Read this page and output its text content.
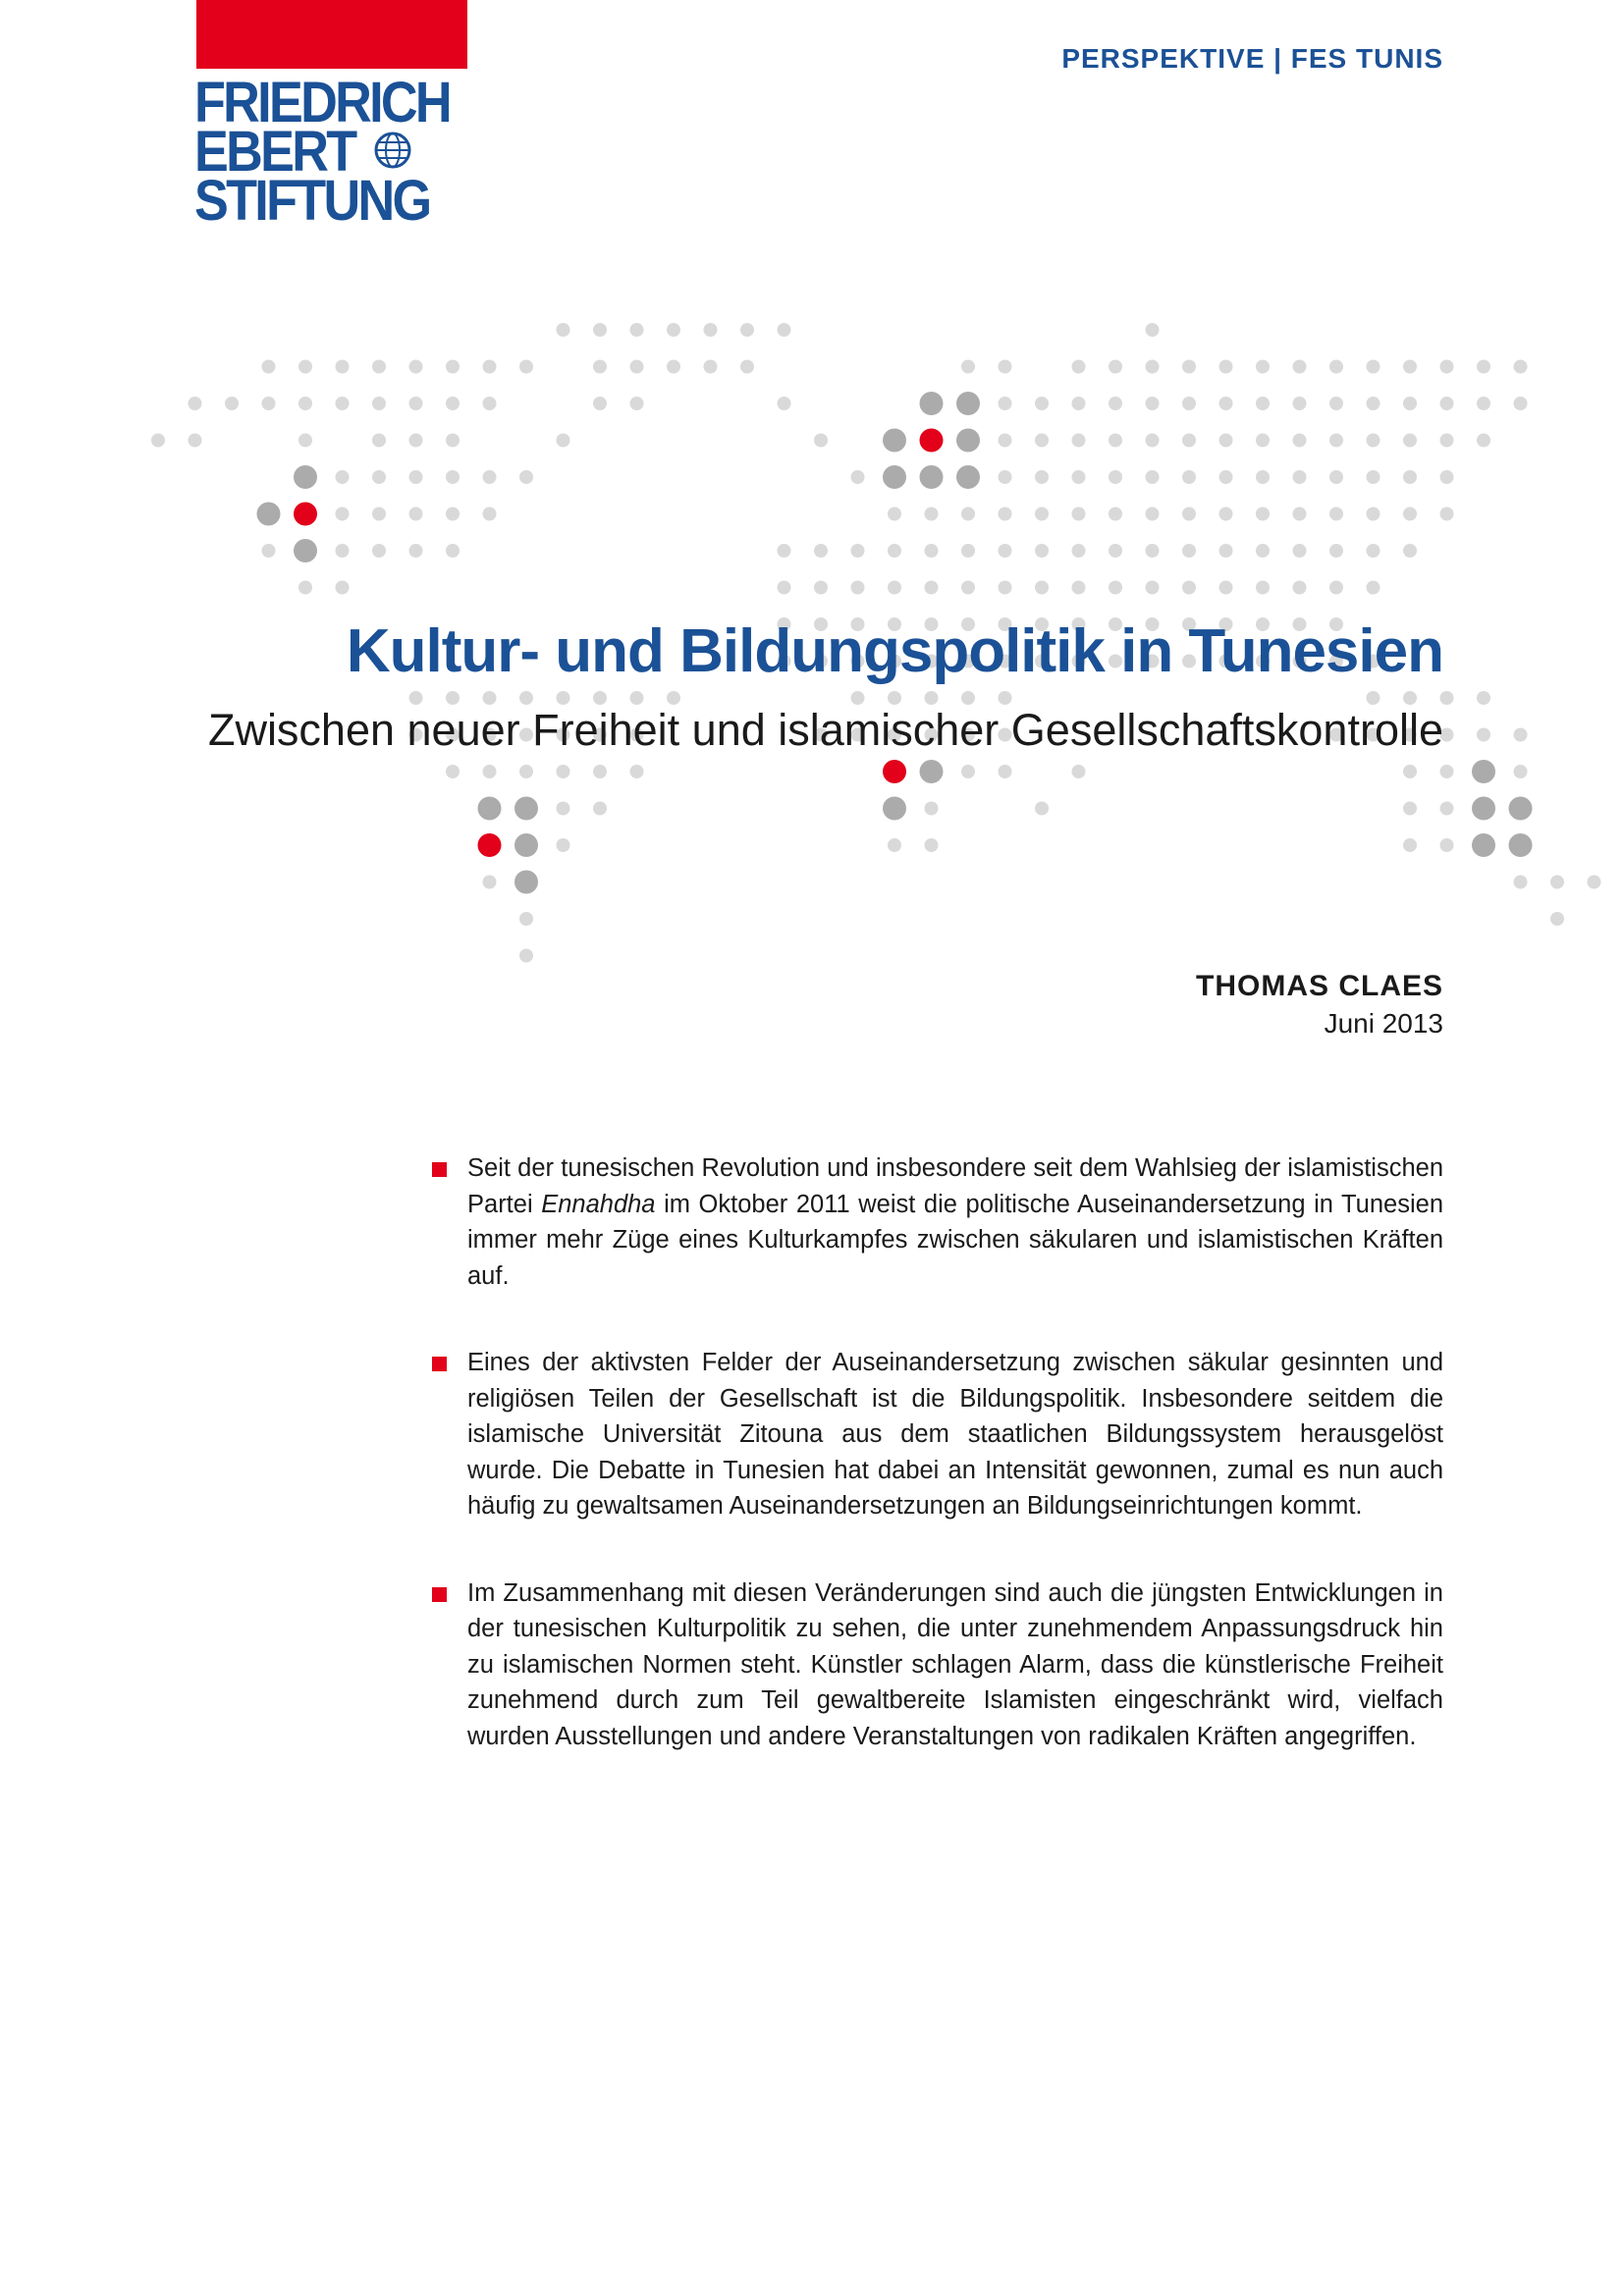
FRIEDRICH
EBERT
STIFTUNG
PERSPEKTIVE | FES TUNIS
Kultur- und Bildungspolitik in Tunesien
Zwischen neuer Freiheit und islamischer Gesellschaftskontrolle
THOMAS CLAES
Juni 2013
Seit der tunesischen Revolution und insbesondere seit dem Wahlsieg der islamistischen Partei Ennahdha im Oktober 2011 weist die politische Auseinandersetzung in Tunesien immer mehr Züge eines Kulturkampfes zwischen säkularen und islamistischen Kräften auf.
Eines der aktivsten Felder der Auseinandersetzung zwischen säkular gesinnten und religiösen Teilen der Gesellschaft ist die Bildungspolitik. Insbesondere seitdem die islamische Universität Zitouna aus dem staatlichen Bildungssystem herausgelöst wurde. Die Debatte in Tunesien hat dabei an Intensität gewonnen, zumal es nun auch häufig zu gewaltsamen Auseinandersetzungen an Bildungseinrichtungen kommt.
Im Zusammenhang mit diesen Veränderungen sind auch die jüngsten Entwicklungen in der tunesischen Kulturpolitik zu sehen, die unter zunehmendem Anpassungsdruck hin zu islamischen Normen steht. Künstler schlagen Alarm, dass die künstlerische Freiheit zunehmend durch zum Teil gewaltbereite Islamisten eingeschränkt wird, vielfach wurden Ausstellungen und andere Veranstaltungen von radikalen Kräften angegriffen.
